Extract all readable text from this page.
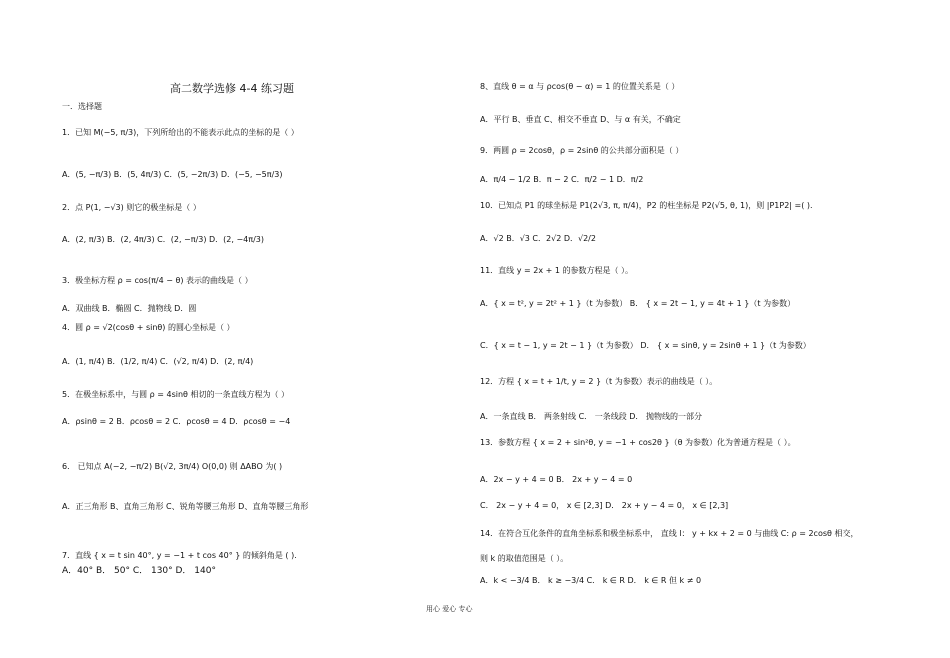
高二数学选修 4-4 练习题
一．选择题
1．已知 M(−5, π/3)，下列所给出的不能表示此点的坐标的是（ ）
A．(5, −π/3) B．(5, 4π/3) C．(5, −2π/3) D．(−5, −5π/3)
2．点 P(1, −√3) 则它的极坐标是（ ）
A．(2, π/3) B．(2, 4π/3) C．(2, −π/3) D．(2, −4π/3)
3．极坐标方程 ρ = cos(π/4 − θ) 表示的曲线是（ ）
A．双曲线 B．椭圆 C．抛物线 D．圆
4．圆 ρ = √2(cosθ + sinθ) 的圆心坐标是（ ）
A．(1, π/4) B．(1/2, π/4) C．(√2, π/4) D．(2, π/4)
5．在极坐标系中，与圆 ρ = 4sinθ 相切的一条直线方程为（ ）
A．ρsinθ = 2 B．ρcosθ = 2 C．ρcosθ = 4 D．ρcosθ = −4
6． 已知点 A(−2, −π/2) B(√2, 3π/4) O(0,0) 则 ΔABO 为( )
A．正三角形 B、直角三角形 C、锐角等腰三角形 D、直角等腰三角形
7．直线 { x = t sin 40°, y = −1 + t cos 40° } 的倾斜角是 ( ).
A．40° B． 50° C． 130° D． 140°
8、直线 θ = α 与 ρcos(θ − α) = 1 的位置关系是（ ）
A．平行 B、垂直 C、相交不垂直 D、与 α 有关，不确定
9．两圆 ρ = 2cosθ，ρ = 2sinθ 的公共部分面积是（ ）
A．π/4 − 1/2 B．π − 2 C．π/2 − 1 D．π/2
10．已知点 P1 的球坐标是 P1(2√3, π, π/4)，P2 的柱坐标是 P2(√5, θ, 1)，则 |P1P2| =( ).
A．√2 B．√3 C．2√2 D．√2/2
11．直线 y = 2x + 1 的参数方程是（ ）。
A．{ x = t², y = 2t² + 1 }（t 为参数） B． { x = 2t − 1, y = 4t + 1 }（t 为参数）
C．{ x = t − 1, y = 2t − 1 }（t 为参数） D． { x = sinθ, y = 2sinθ + 1 }（t 为参数）
12．方程 { x = t + 1/t, y = 2 }（t 为参数）表示的曲线是（ ）。
A．一条直线 B． 两条射线 C． 一条线段 D． 抛物线的一部分
13．参数方程 { x = 2 + sin²θ, y = −1 + cos2θ }（θ 为参数）化为普通方程是（ ）。
A．2x − y + 4 = 0 B． 2x + y − 4 = 0
C． 2x − y + 4 = 0， x ∈ [2,3] D． 2x + y − 4 = 0， x ∈ [2,3]
14．在符合互化条件的直角坐标系和极坐标系中， 直线 l： y + kx + 2 = 0 与曲线 C: ρ = 2cosθ 相交，
则 k 的取值范围是（ ）。
A．k < −3/4 B． k ≥ −3/4 C． k ∈ R D． k ∈ R 但 k ≠ 0
用心 爱心 专心
